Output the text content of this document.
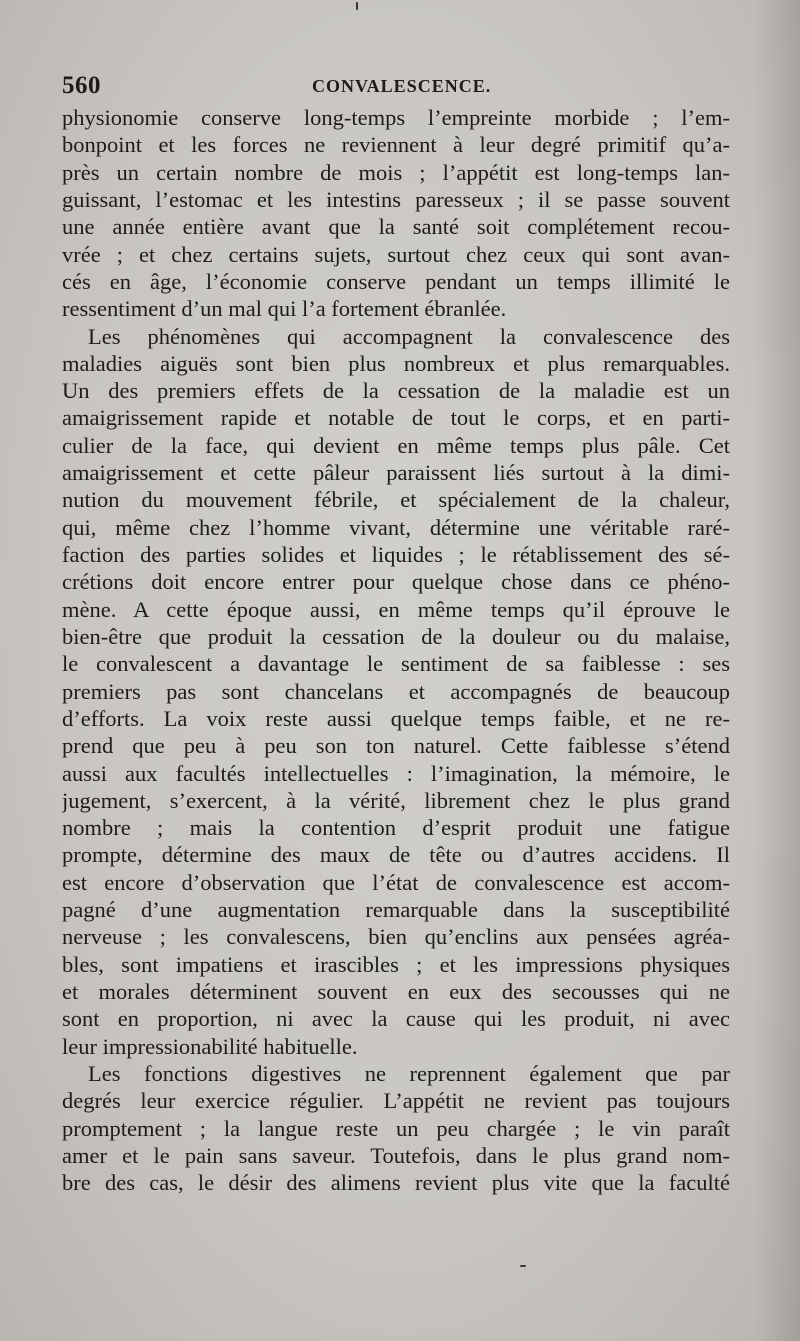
560	CONVALESCENCE.
physionomie conserve long-temps l’empreinte morbide ; l’em-
bonpoint et les forces ne reviennent à leur degré primitif qu’a-
près un certain nombre de mois ; l’appétit est long-temps lan-
guissant, l’estomac et les intestins paresseux ; il se passe souvent
une année entière avant que la santé soit complétement recou-
vrée ; et chez certains sujets, surtout chez ceux qui sont avan-
cés en âge, l’économie conserve pendant un temps illimité le
ressentiment d’un mal qui l’a fortement ébranlée.
Les phénomènes qui accompagnent la convalescence des
maladies aiguës sont bien plus nombreux et plus remarquables.
Un des premiers effets de la cessation de la maladie est un
amaigrissement rapide et notable de tout le corps, et en parti-
culier de la face, qui devient en même temps plus pâle. Cet
amaigrissement et cette pâleur paraissent liés surtout à la dimi-
nution du mouvement fébrile, et spécialement de la chaleur,
qui, même chez l’homme vivant, détermine une véritable raré-
faction des parties solides et liquides ; le rétablissement des sé-
crétions doit encore entrer pour quelque chose dans ce phéno-
mène. A cette époque aussi, en même temps qu’il éprouve le
bien-être que produit la cessation de la douleur ou du malaise,
le convalescent a davantage le sentiment de sa faiblesse : ses
premiers pas sont chancelans et accompagnés de beaucoup
d’efforts. La voix reste aussi quelque temps faible, et ne re-
prend que peu à peu son ton naturel. Cette faiblesse s’étend
aussi aux facultés intellectuelles : l’imagination, la mémoire, le
jugement, s’exercent, à la vérité, librement chez le plus grand
nombre ; mais la contention d’esprit produit une fatigue
prompte, détermine des maux de tête ou d’autres accidens. Il
est encore d’observation que l’état de convalescence est accom-
pagné d’une augmentation remarquable dans la susceptibilité
nerveuse ; les convalescens, bien qu’enclins aux pensées agréa-
bles, sont impatiens et irascibles ; et les impressions physiques
et morales déterminent souvent en eux des secousses qui ne
sont en proportion, ni avec la cause qui les produit, ni avec
leur impressionabilité habituelle.
Les fonctions digestives ne reprennent également que par
degrés leur exercice régulier. L’appétit ne revient pas toujours
promptement ; la langue reste un peu chargée ; le vin paraît
amer et le pain sans saveur. Toutefois, dans le plus grand nom-
bre des cas, le désir des alimens revient plus vite que la faculté
